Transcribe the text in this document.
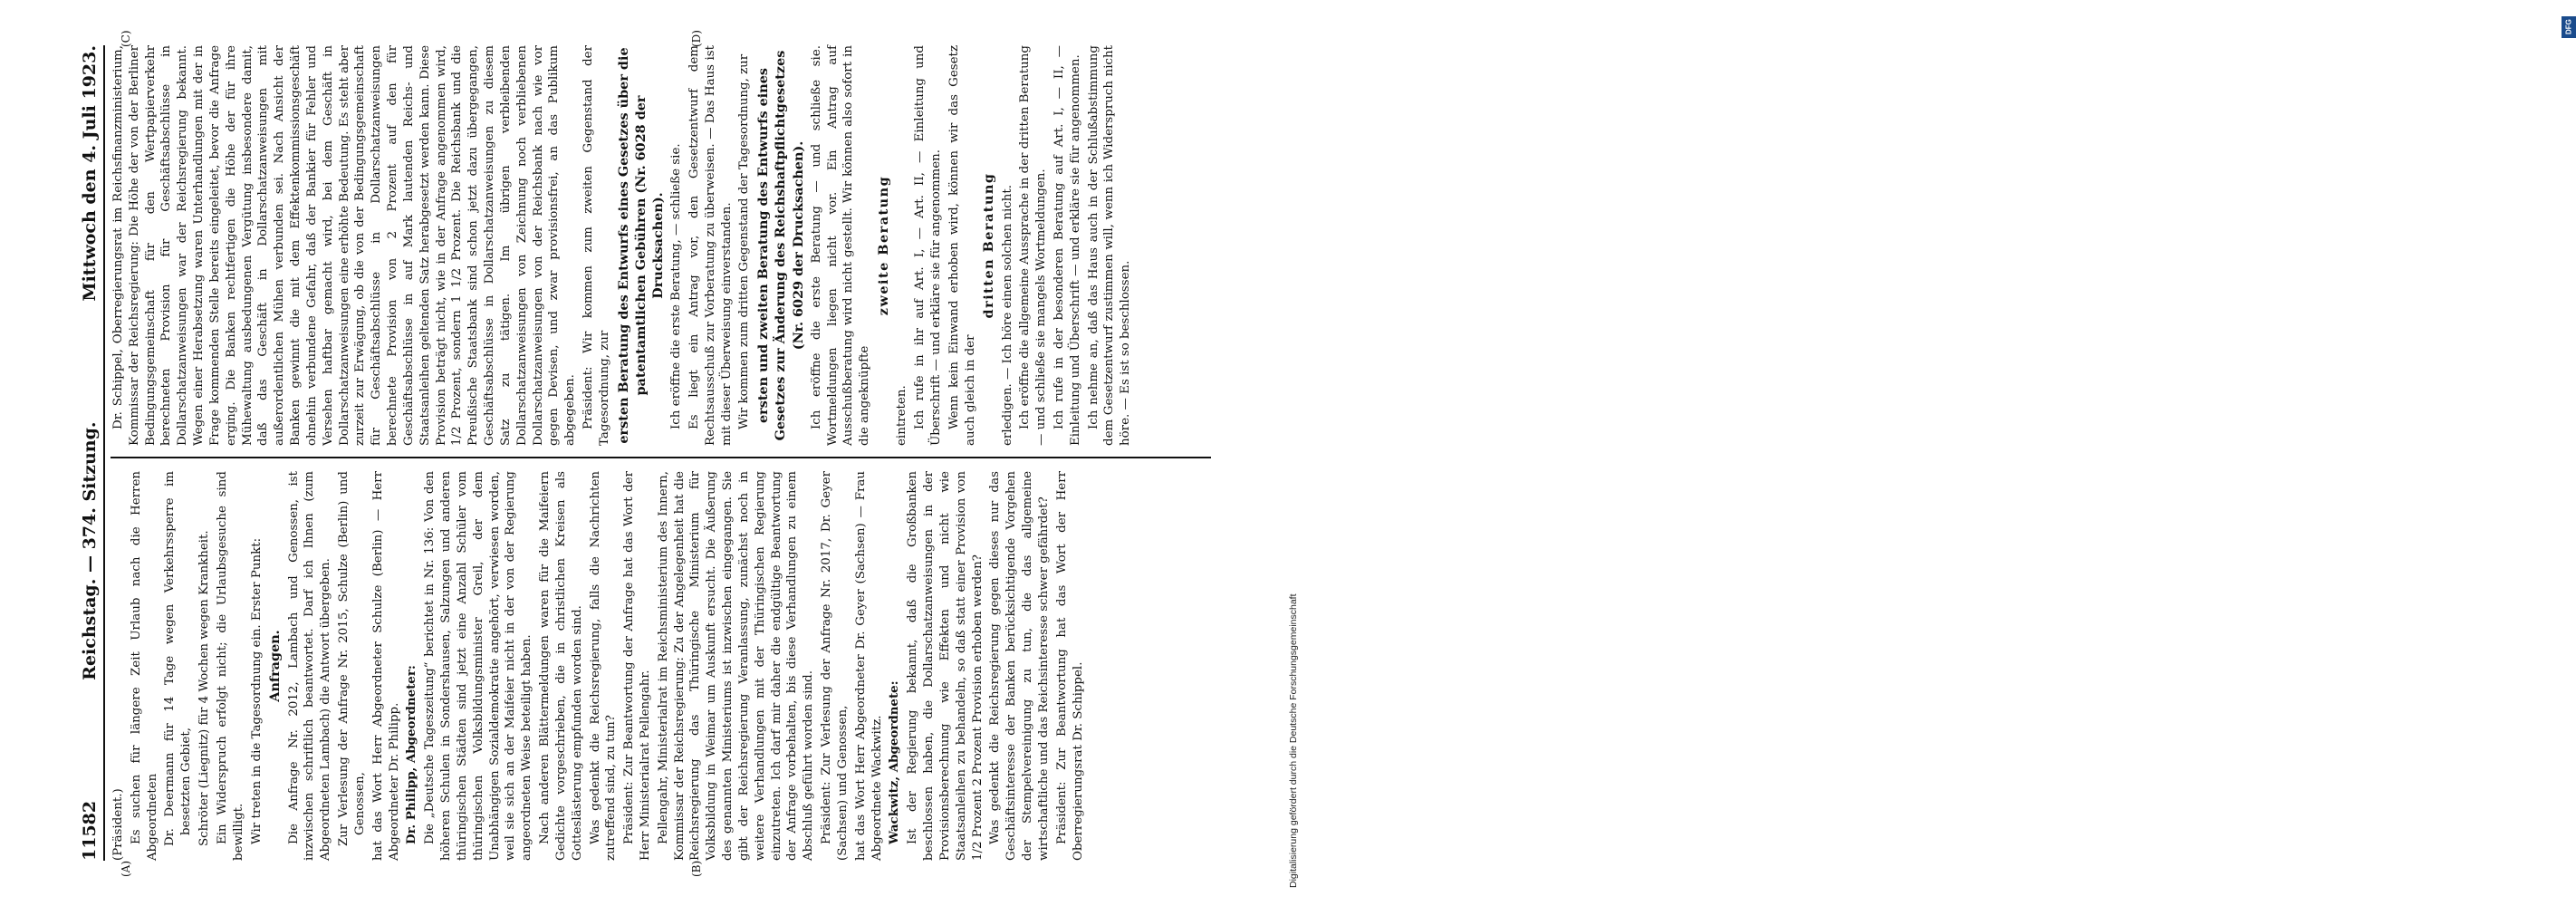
11582
Reichstag. — 374. Sitzung.
Mittwoch den 4. Juli 1923.
(A)	(B)
(C)	(D)

(Präsident.) Es suchen für längere Zeit Urlaub nach die Herren Abgeordneten Dr. Deermann für 14 Tage wegen Verkehrssperre im besetzten Gebiet, Schröter (Liegnitz) für 4 Wochen wegen Krankheit. Ein Widerspruch erfolgt nicht; die Urlaubsgesuche sind bewilligt. Wir treten in die Tagesordnung ein. Erster Punkt: Anfragen. Die Anfrage Nr. 2012, Lambach und Genossen, ist inzwischen schriftlich beantwortet. Darf ich Ihnen (zum Abgeordneten Lambach) die Antwort übergeben. Zur Verlesung der Anfrage Nr. 2015, Schulze (Berlin) und Genossen, hat das Wort Herr Abgeordneter Schulze (Berlin) — Herr Abgeordneter Dr. Philipp. Dr. Philipp, Abgeordneter: Die „Deutsche Tageszeitung“ berichtet in Nr. 136: Von den höheren Schulen in Sondershausen, Salzungen und anderen thüringischen Städten sind jetzt eine Anzahl Schüler vom thüringischen Volksbildungsminister Greil, der dem Unabhängigen Sozialdemokratie angehört, verwiesen worden, weil sie sich an der Maifeier nicht in der von der Regierung angeordneten Weise beteiligt haben. Nach anderen Blättermeldungen waren für die Maifeiern Gedichte vorgeschrieben, die in christlichen Kreisen als Gotteslästerung empfunden worden sind. Was gedenkt die Reichsregierung, falls die Nachrichten zutreffend sind, zu tun? Präsident: Zur Beantwortung der Anfrage hat das Wort der Herr Ministerialrat Pellengahr. Pellengahr, Ministerialrat im Reichsministerium des Innern, Kommissar der Reichsregierung: Zu der Angelegenheit hat die Reichsregierung das Thüringische Ministerium für Volksbildung in Weimar um Auskunft ersucht. Die Äußerung des genannten Ministeriums ist inzwischen eingegangen. Sie gibt der Reichsregierung Veranlassung, zunächst noch in weitere Verhandlungen mit der Thüringischen Regierung einzutreten. Ich darf mir daher die endgültige Beantwortung der Anfrage vorbehalten, bis diese Verhandlungen zu einem Abschluß geführt worden sind. Präsident: Zur Verlesung der Anfrage Nr. 2017, Dr. Geyer (Sachsen) und Genossen, hat das Wort Herr Abgeordneter Dr. Geyer (Sachsen) — Frau Abgeordnete Wackwitz. Wackwitz, Abgeordnete: Ist der Regierung bekannt, daß die Großbanken beschlossen haben, die Dollarschatzanweisungen in der Provisionsberechnung wie Effekten und nicht wie Staatsanleihen zu behandeln, so daß statt einer Provision von 1/2 Prozent 2 Prozent Provision erhoben werden? Was gedenkt die Reichsregierung gegen dieses nur das Geschäftsinteresse der Banken berücksichtigende Vorgehen der Stempelvereinigung zu tun, die das allgemeine wirtschaftliche und das Reichsinteresse schwer gefährdet? Präsident: Zur Beantwortung hat das Wort der Herr Oberregierungsrat Dr. Schippel.

Dr. Schippel, Oberregierungsrat im Reichsfinanzministerium, Kommissar der Reichsregierung: Die Höhe der von der Berliner Bedingungsgemeinschaft für den Wertpapierverkehr berechneten Provision für Geschäftsabschlüsse in Dollarschatzanweisungen war der Reichsregierung bekannt. Wegen einer Herabsetzung waren Unterhandlungen mit der in Frage kommenden Stelle bereits eingeleitet, bevor die Anfrage erging. Die Banken rechtfertigen die Höhe der für ihre Mühewaltung ausbedungenen Vergütung insbesondere damit, daß das Geschäft in Dollarschatzanweisungen mit außerordentlichen Mühen verbunden sei. Nach Ansicht der Banken gewinnt die mit dem Effektenkommissionsgeschäft ohnehin verbundene Gefahr, daß der Bankier für Fehler und Versehen haftbar gemacht wird, bei dem Geschäft in Dollarschatzanweisungen eine erhöhte Bedeutung. Es steht aber zurzeit zur Erwägung, ob die von der Bedingungsgemeinschaft für Geschäftsabschlüsse in Dollarschatzanweisungen berechnete Provision von 2 Prozent auf den für Geschäftsabschlüsse in auf Mark lautenden Reichs- und Staatsanleihen geltenden Satz herabgesetzt werden kann. Diese Provision beträgt nicht, wie in der Anfrage angenommen wird, 1/2 Prozent, sondern 1 1/2 Prozent. Die Reichsbank und die Preußische Staatsbank sind schon jetzt dazu übergegangen, Geschäftsabschlüsse in Dollarschatzanweisungen zu diesem Satz zu tätigen. Im übrigen verbleibenden Dollarschatzanweisungen von Zeichnung noch verbliebenen Dollarschatzanweisungen von der Reichsbank nach wie vor gegen Devisen, und zwar provisionsfrei, an das Publikum abgegeben. Präsident: Wir kommen zum zweiten Gegenstand der Tagesordnung, zur ersten Beratung des Entwurfs eines Gesetzes über die patentamtlichen Gebühren (Nr. 6028 der Drucksachen). Ich eröffne die erste Beratung, — schließe sie. Es liegt ein Antrag vor, den Gesetzentwurf dem Rechtsausschuß zur Vorberatung zu überweisen. — Das Haus ist mit dieser Überweisung einverstanden. Wir kommen zum dritten Gegenstand der Tagesordnung, zur ersten und zweiten Beratung des Entwurfs eines Gesetzes zur Änderung des Reichshaftpflichtgesetzes (Nr. 6029 der Drucksachen). Ich eröffne die erste Beratung — und schließe sie. Wortmeldungen liegen nicht vor. Ein Antrag auf Ausschußberatung wird nicht gestellt. Wir können also sofort in die angeknüpfte

zweite Beratung

eintreten. Ich rufe in ihr auf Art. I, — Art. II, — Einleitung und Überschrift — und erkläre sie für angenommen. Wenn kein Einwand erhoben wird, können wir das Gesetz auch gleich in der

dritten Beratung erledigen. — Ich höre einen solchen nicht. Ich eröffne die allgemeine Aussprache in der dritten Beratung — und schließe sie mangels Wortmeldungen. Ich rufe in der besonderen Beratung auf Art. I, — II, — Einleitung und Überschrift — und erkläre sie für angenommen. Ich nehme an, daß das Haus auch in der Schlußabstimmung dem Gesetzentwurf zustimmen will, wenn ich Widerspruch nicht höre. — Es ist so beschlossen.

DFG
Digitalisierung gefördert durch die Deutsche Forschungsgemeinschaft
